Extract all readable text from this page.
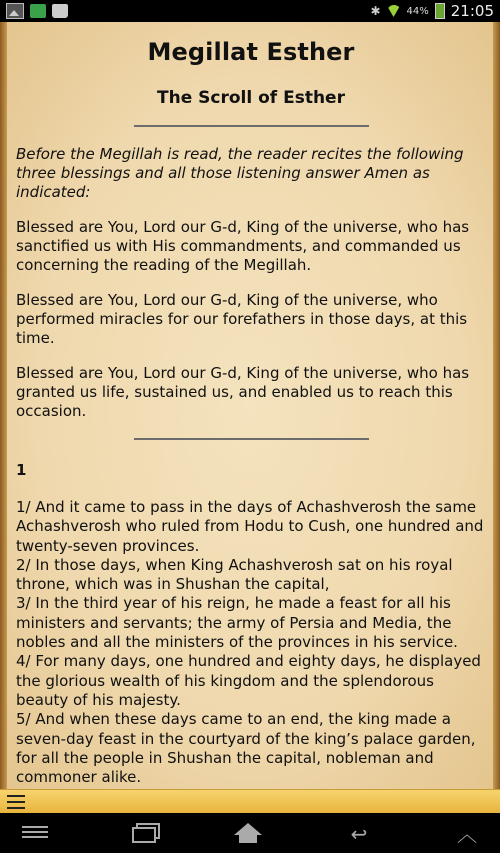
✱	44% 21:05
Megillat Esther
The Scroll of Esther
Before the Megillah is read, the reader recites the following three blessings and all those listening answer Amen as indicated:
Blessed are You, Lord our G-d, King of the universe, who has sanctified us with His commandments, and commanded us concerning the reading of the Megillah.
Blessed are You, Lord our G-d, King of the universe, who performed miracles for our forefathers in those days, at this time.
Blessed are You, Lord our G-d, King of the universe, who has granted us life, sustained us, and enabled us to reach this occasion.
1

1/ And it came to pass in the days of Achashverosh the same Achashverosh who ruled from Hodu to Cush, one hundred and twenty-seven provinces.

2/ In those days, when King Achashverosh sat on his royal throne, which was in Shushan the capital,

3/ In the third year of his reign, he made a feast for all his ministers and servants; the army of Persia and Media, the nobles and all the ministers of the provinces in his service.

4/ For many days, one hundred and eighty days, he displayed the glorious wealth of his kingdom and the splendorous beauty of his majesty.

5/ And when these days came to an end, the king made a seven-day feast in the courtyard of the king’s palace garden, for all the people in Shushan the capital, nobleman and commoner alike.

↩	︿
